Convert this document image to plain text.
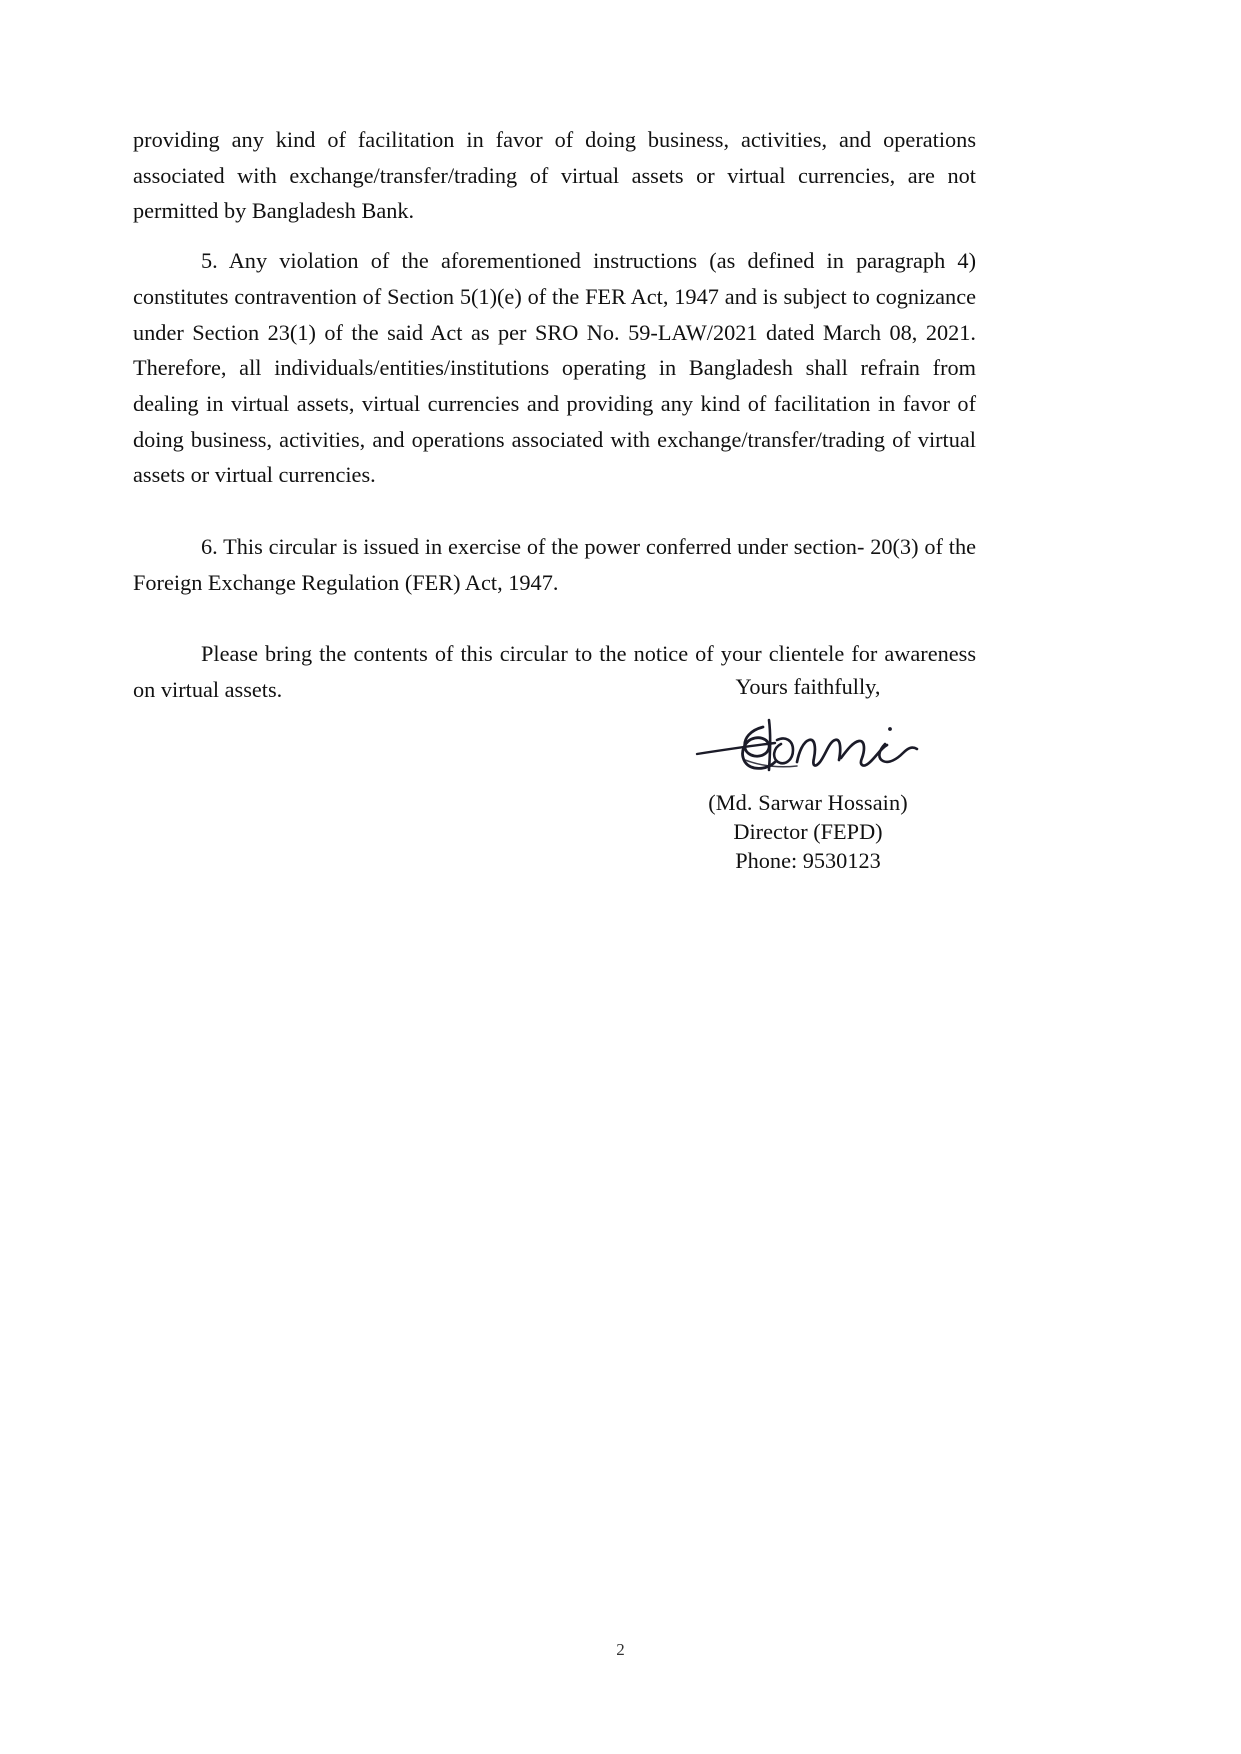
providing any kind of facilitation in favor of doing business, activities, and operations associated with exchange/transfer/trading of virtual assets or virtual currencies, are not permitted by Bangladesh Bank.

5. Any violation of the aforementioned instructions (as defined in paragraph 4) constitutes contravention of Section 5(1)(e) of the FER Act, 1947 and is subject to cognizance under Section 23(1) of the said Act as per SRO No. 59-LAW/2021 dated March 08, 2021. Therefore, all individuals/entities/institutions operating in Bangladesh shall refrain from dealing in virtual assets, virtual currencies and providing any kind of facilitation in favor of doing business, activities, and operations associated with exchange/transfer/trading of virtual assets or virtual currencies.

6. This circular is issued in exercise of the power conferred under section- 20(3) of the Foreign Exchange Regulation (FER) Act, 1947.

Please bring the contents of this circular to the notice of your clientele for awareness on virtual assets.	Yours faithfully,

(Md. Sarwar Hossain)

Director (FEPD)

Phone: 9530123

2
